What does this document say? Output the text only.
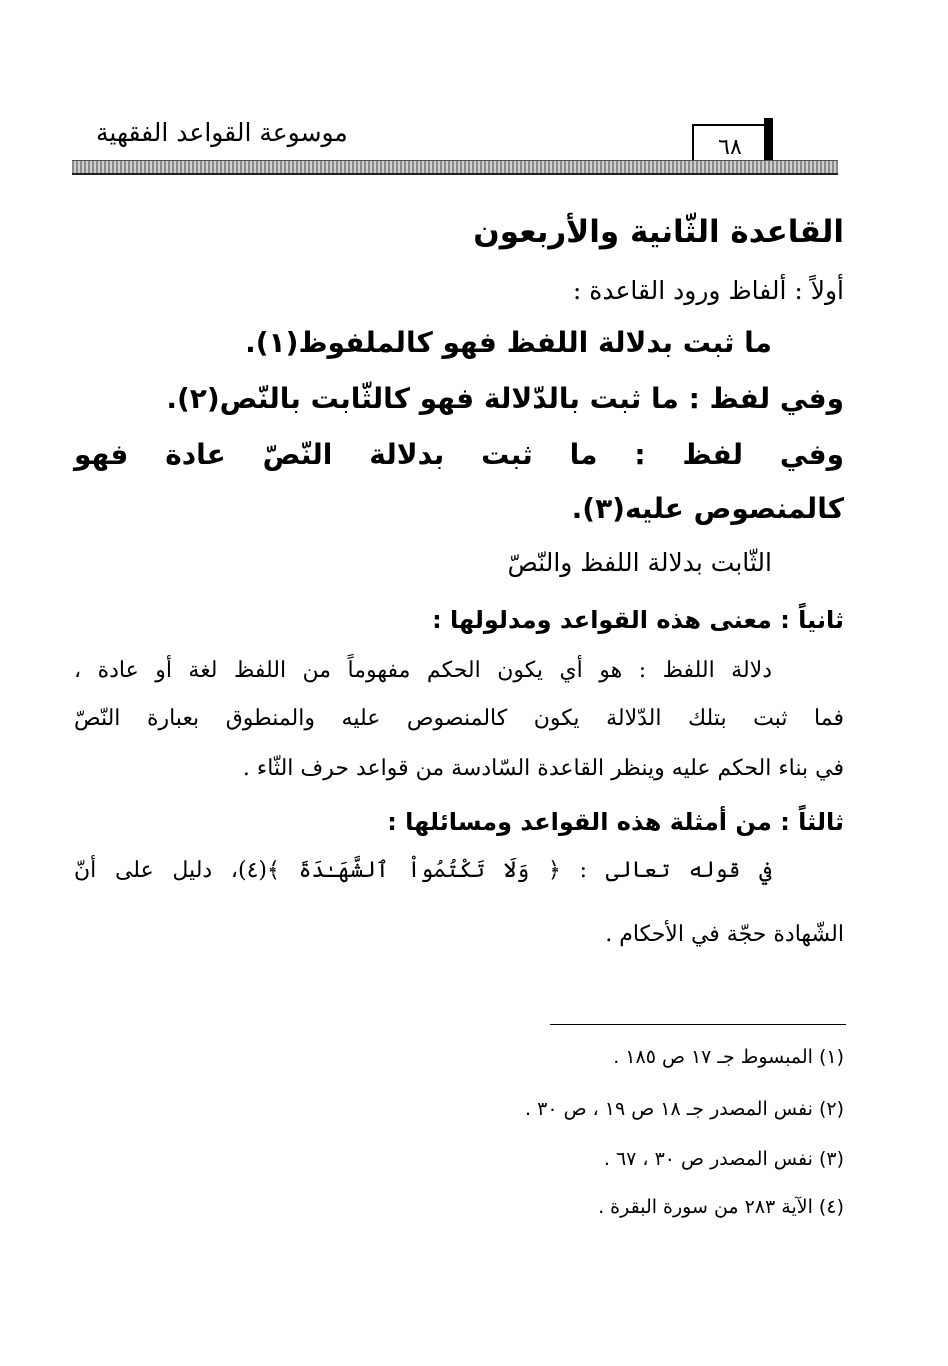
موسوعة القواعد الفقهية	٦٨
القاعدة الثّانية والأربعون
أولاً : ألفاظ ورود القاعدة :
ما ثبت بدلالة اللفظ فهو كالملفوظ(١).
وفي لفظ : ما ثبت بالدّلالة فهو كالثّابت بالنّص(٢).
وفي لفظ : ما ثبت بدلالة النّصّ عادة فهو
كالمنصوص عليه(٣).
الثّابت بدلالة اللفظ والنّصّ
ثانياً : معنى هذه القواعد ومدلولها :
دلالة اللفظ : هو أي يكون الحكم مفهوماً من اللفظ لغة أو عادة ،
فما ثبت بتلك الدّلالة يكون كالمنصوص عليه والمنطوق بعبارة النّصّ
في بناء الحكم عليه وينظر القاعدة السّادسة من قواعد حرف الثّاء .
ثالثاً : من أمثلة هذه القواعد ومسائلها :
في قوله تعالى : ﴿ وَلَا تَكْتُمُواْ ٱلشَّهَـٰدَةَ ﴾(٤)، دليل على أنّ
الشّهادة حجّة في الأحكام .
(١) المبسوط جـ ١٧ ص ١٨٥ .
(٢) نفس المصدر جـ ١٨ ص ١٩ ، ص ٣٠ .
(٣) نفس المصدر ص ٣٠ ، ٦٧ .
(٤) الآية ٢٨٣ من سورة البقرة .
